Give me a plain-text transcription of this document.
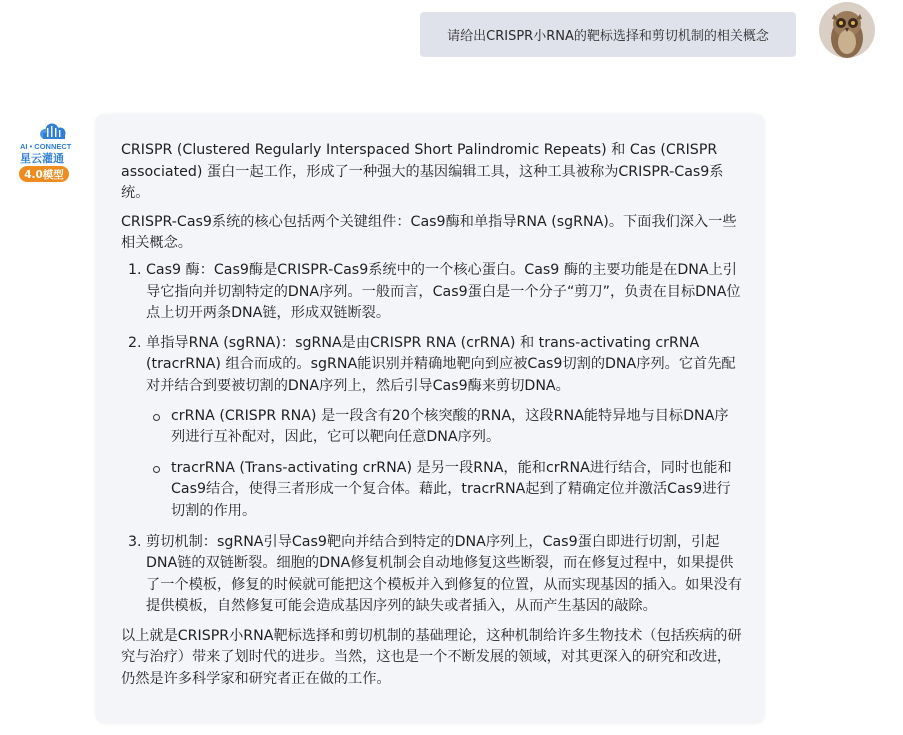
请给出CRISPR小RNA的靶标选择和剪切机制的相关概念
AI • CONNECT
星云灌通
4.0模型

CRISPR (Clustered Regularly Interspaced Short Palindromic Repeats) 和 Cas (CRISPR associated) 蛋白一起工作，形成了一种强大的基因编辑工具，这种工具被称为CRISPR-Cas9系统。

CRISPR-Cas9系统的核心包括两个关键组件：Cas9酶和单指导RNA (sgRNA)。下面我们深入一些相关概念。

1. Cas9 酶：Cas9酶是CRISPR-Cas9系统中的一个核心蛋白。Cas9 酶的主要功能是在DNA上引导它指向并切割特定的DNA序列。一般而言，Cas9蛋白是一个分子“剪刀”，负责在目标DNA位点上切开两条DNA链，形成双链断裂。
2. 单指导RNA (sgRNA)：sgRNA是由CRISPR RNA (crRNA) 和 trans-activating crRNA (tracrRNA) 组合而成的。sgRNA能识别并精确地靶向到应被Cas9切割的DNA序列。它首先配对并结合到要被切割的DNA序列上，然后引导Cas9酶来剪切DNA。
crRNA (CRISPR RNA) 是一段含有20个核突酸的RNA，这段RNA能特异地与目标DNA序列进行互补配对，因此，它可以靶向任意DNA序列。
tracrRNA (Trans-activating crRNA) 是另一段RNA，能和crRNA进行结合，同时也能和Cas9结合，使得三者形成一个复合体。藉此，tracrRNA起到了精确定位并激活Cas9进行切割的作用。
3. 剪切机制：sgRNA引导Cas9靶向并结合到特定的DNA序列上，Cas9蛋白即进行切割，引起DNA链的双链断裂。细胞的DNA修复机制会自动地修复这些断裂，而在修复过程中，如果提供了一个模板，修复的时候就可能把这个模板并入到修复的位置，从而实现基因的插入。如果没有提供模板，自然修复可能会造成基因序列的缺失或者插入，从而产生基因的敲除。

以上就是CRISPR小RNA靶标选择和剪切机制的基础理论，这种机制给许多生物技术（包括疾病的研究与治疗）带来了划时代的进步。当然，这也是一个不断发展的领域，对其更深入的研究和改进，仍然是许多科学家和研究者正在做的工作。
